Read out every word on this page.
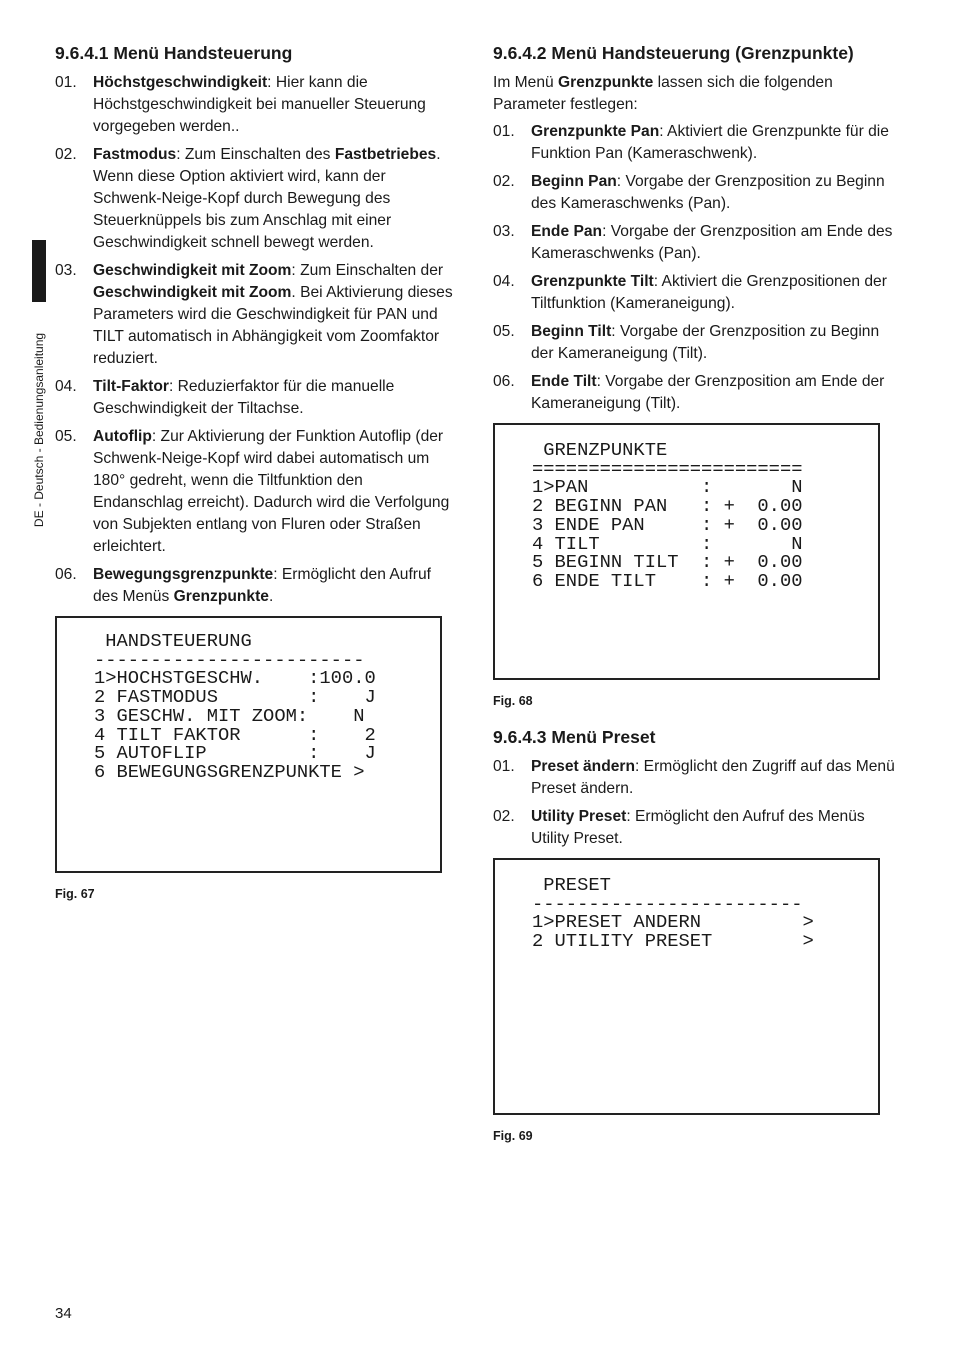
DE - Deutsch - Bedienungsanleitung
9.6.4.1 Menü Handsteuerung
01.	Höchstgeschwindigkeit: Hier kann die Höchstgeschwindigkeit bei manueller Steuerung vorgegeben werden..
02.	Fastmodus: Zum Einschalten des Fastbetriebes. Wenn diese Option aktiviert wird, kann der Schwenk-Neige-Kopf durch Bewegung des Steuerknüppels bis zum Anschlag mit einer Geschwindigkeit schnell bewegt werden.
03.	Geschwindigkeit mit Zoom: Zum Einschalten der Geschwindigkeit mit Zoom. Bei Aktivierung dieses Parameters wird die Geschwindigkeit für PAN und TILT automatisch in Abhängigkeit vom Zoomfaktor reduziert.
04.	Tilt-Faktor: Reduzierfaktor für die manuelle Geschwindigkeit der Tiltachse.
05.	Autoflip: Zur Aktivierung der Funktion Autoflip (der Schwenk-Neige-Kopf wird dabei automatisch um 180° gedreht, wenn die Tiltfunktion den Endanschlag erreicht). Dadurch wird die Verfolgung von Subjekten entlang von Fluren oder Straßen erleichtert.
06.	Bewegungsgrenzpunkte: Ermöglicht den Aufruf des Menüs Grenzpunkte.
HANDSTEUERUNG
------------------------
1>HOCHSTGESCHW.    :100.0
2 FASTMODUS        :    J
3 GESCHW. MIT ZOOM:    N
4 TILT FAKTOR      :    2
5 AUTOFLIP         :    J
6 BEWEGUNGSGRENZPUNKTE >
Fig. 67
9.6.4.2 Menü Handsteuerung (Grenzpunkte)
Im Menü Grenzpunkte lassen sich die folgenden Parameter festlegen:
01.	Grenzpunkte Pan: Aktiviert die Grenzpunkte für die Funktion Pan (Kameraschwenk).
02.	Beginn Pan: Vorgabe der Grenzposition zu Beginn des Kameraschwenks (Pan).
03.	Ende Pan: Vorgabe der Grenzposition am Ende des Kameraschwenks (Pan).
04.	Grenzpunkte Tilt: Aktiviert die Grenzpositionen der Tiltfunktion (Kameraneigung).
05.	Beginn Tilt: Vorgabe der Grenzposition zu Beginn der Kameraneigung (Tilt).
06.	Ende Tilt: Vorgabe der Grenzposition am Ende der Kameraneigung (Tilt).
GRENZPUNKTE
========================
1>PAN          :       N
2 BEGINN PAN   : +  0.00
3 ENDE PAN     : +  0.00
4 TILT         :       N
5 BEGINN TILT  : +  0.00
6 ENDE TILT    : +  0.00
Fig. 68
9.6.4.3 Menü Preset
01.	Preset ändern: Ermöglicht den Zugriff auf das Menü Preset ändern.
02.	Utility Preset: Ermöglicht den Aufruf des Menüs Utility Preset.
PRESET
------------------------
1>PRESET ANDERN         >
2 UTILITY PRESET        >
Fig. 69
34
